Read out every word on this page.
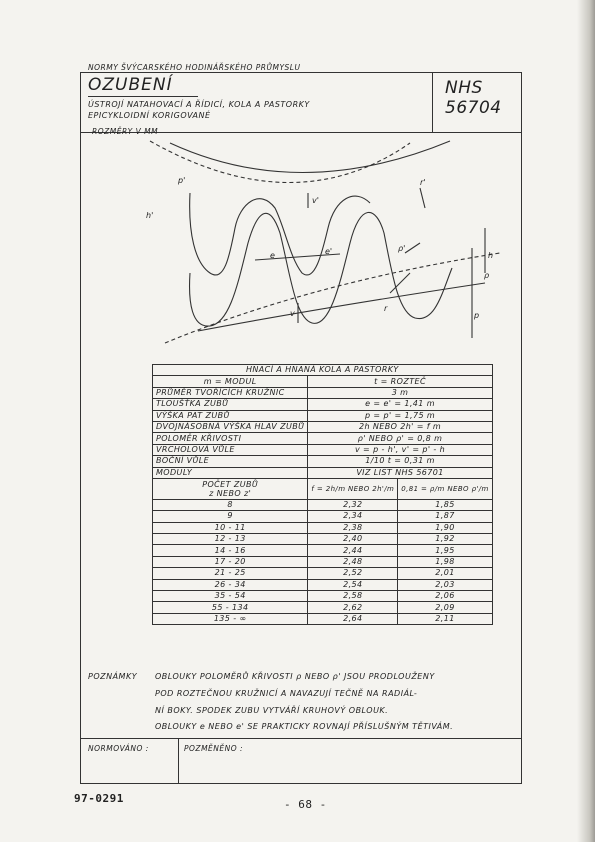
NORMY ŠVÝCARSKÉHO HODINÁŘSKÉHO PRŮMYSLU
OZUBENÍ
ÚSTROJÍ NATAHOVACÍ A ŘÍDICÍ, KOLA A PASTORKY
EPICYKLOIDNÍ KORIGOVANÉ
NHS
56704
ROZMĚRY V MM
p'
h'
v'
e	e'
r'
ρ'
h
v
r
ρ
p
HNACÍ A HNANÁ KOLA A PASTORKY		
m = MODUL	t = ROZTEČ	
PRŮMĚR TVOŘÍCÍCH KRUŽNIC	3 m	
TLOUŠŤKA ZUBŮ	e = e' = 1,41 m	
VÝŠKA PAT ZUBŮ	p = p' = 1,75 m	
DVOJNÁSOBNÁ VÝŠKA HLAV ZUBŮ	2h NEBO 2h' = f m	
POLOMĚR KŘIVOSTI	ρ' NEBO ρ' = 0,8 m	
VRCHOLOVÁ VŮLE	v = p - h', v' = p' - h	
BOČNÍ VŮLE	1/10 t = 0,31 m	
MODULY	VIZ LIST NHS 56701	

POČET ZUBŮ
z NEBO z'	f = 2h/m NEBO 2h'/m	0,81 = ρ/m NEBO ρ'/m
8	2,32	1,85
9	2,34	1,87
10 - 11	2,38	1,90
12 - 13	2,40	1,92
14 - 16	2,44	1,95
17 - 20	2,48	1,98
21 - 25	2,52	2,01
26 - 34	2,54	2,03
35 - 54	2,58	2,06
55 - 134	2,62	2,09
135 - ∞	2,64	2,11
POZNÁMKY OBLOUKY POLOMĚRŮ KŘIVOSTI ρ NEBO ρ' JSOU PRODLOUŽENY
POD ROZTEČNOU KRUŽNICÍ A NAVAZUJÍ TEČNĚ NA RADIÁL-
NÍ BOKY. SPODEK ZUBU VYTVÁŘÍ KRUHOVÝ OBLOUK.
OBLOUKY e NEBO e' SE PRAKTICKY ROVNAJÍ PŘÍSLUŠNÝM TĚTIVÁM.
NORMOVÁNO :	POZMĚNĚNO :
97-0291	- 68 -
